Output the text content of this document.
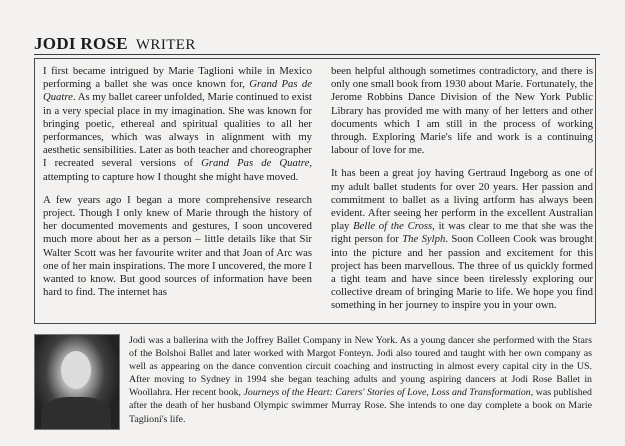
JODI ROSE WRITER

I first became intrigued by Marie Taglioni while in Mexico performing a ballet she was once known for, Grand Pas de Quatre. As my ballet career unfolded, Marie continued to exist in a very special place in my imagination. She was known for bringing poetic, ethereal and spiritual qualities to all her performances, which was always in alignment with my aesthetic sensibilities. Later as both teacher and choreographer I recreated several versions of Grand Pas de Quatre, attempting to capture how I thought she might have moved.

A few years ago I began a more comprehensive research project. Though I only knew of Marie through the history of her documented movements and gestures, I soon uncovered much more about her as a person – little details like that Sir Walter Scott was her favourite writer and that Joan of Arc was one of her main inspirations. The more I uncovered, the more I wanted to know. But good sources of information have been hard to find. The internet has

been helpful although sometimes contradictory, and there is only one small book from 1930 about Marie. Fortunately, the Jerome Robbins Dance Division of the New York Public Library has provided me with many of her letters and other documents which I am still in the process of working through. Exploring Marie's life and work is a continuing labour of love for me.

It has been a great joy having Gertraud Ingeborg as one of my adult ballet students for over 20 years. Her passion and commitment to ballet as a living artform has always been evident. After seeing her perform in the excellent Australian play Belle of the Cross, it was clear to me that she was the right person for The Sylph. Soon Colleen Cook was brought into the picture and her passion and excitement for this project has been marvellous. The three of us quickly formed a tight team and have since been tirelessly exploring our collective dream of bringing Marie to life. We hope you find something in her journey to inspire you in your own.

Jodi was a ballerina with the Joffrey Ballet Company in New York. As a young dancer she performed with the Stars of the Bolshoi Ballet and later worked with Margot Fonteyn. Jodi also toured and taught with her own company as well as appearing on the dance convention circuit coaching and instructing in almost every capital city in the US. After moving to Sydney in 1994 she began teaching adults and young aspiring dancers at Jodi Rose Ballet in Woollahra. Her recent book, Journeys of the Heart: Carers' Stories of Love, Loss and Transformation, was published after the death of her husband Olympic swimmer Murray Rose. She intends to one day complete a book on Marie Taglioni's life.
